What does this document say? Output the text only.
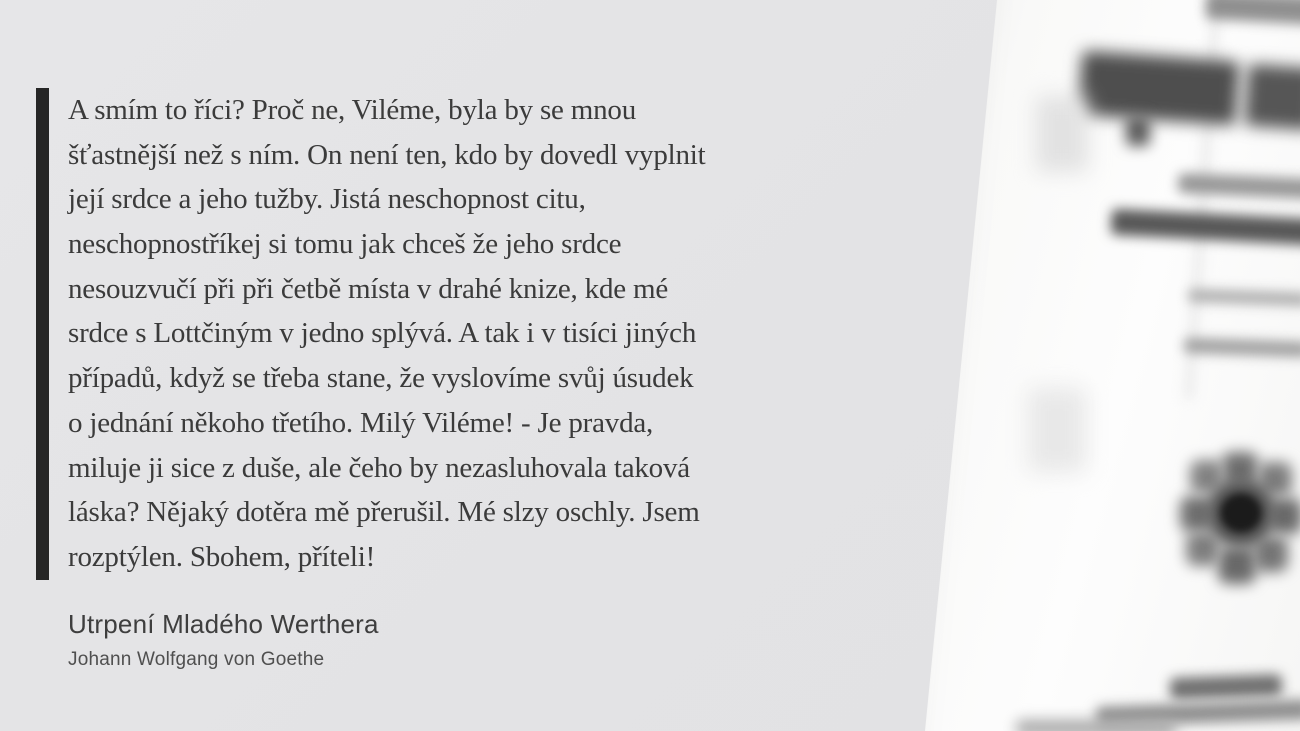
A smím to říci? Proč ne, Viléme, byla by se mnou
šťastnější než s ním. On není ten, kdo by dovedl vyplnit
její srdce a jeho tužby. Jistá neschopnost citu,
neschopnostříkej si tomu jak chceš že jeho srdce
nesouzvučí při při četbě místa v drahé knize, kde mé
srdce s Lottčiným v jedno splývá. A tak i v tisíci jiných
případů, když se třeba stane, že vyslovíme svůj úsudek
o jednání někoho třetího. Milý Viléme! - Je pravda,
miluje ji sice z duše, ale čeho by nezasluhovala taková
láska? Nějaký dotěra mě přerušil. Mé slzy oschly. Jsem
rozptýlen. Sbohem, příteli!
Utrpení Mladého Werthera
Johann Wolfgang von Goethe
